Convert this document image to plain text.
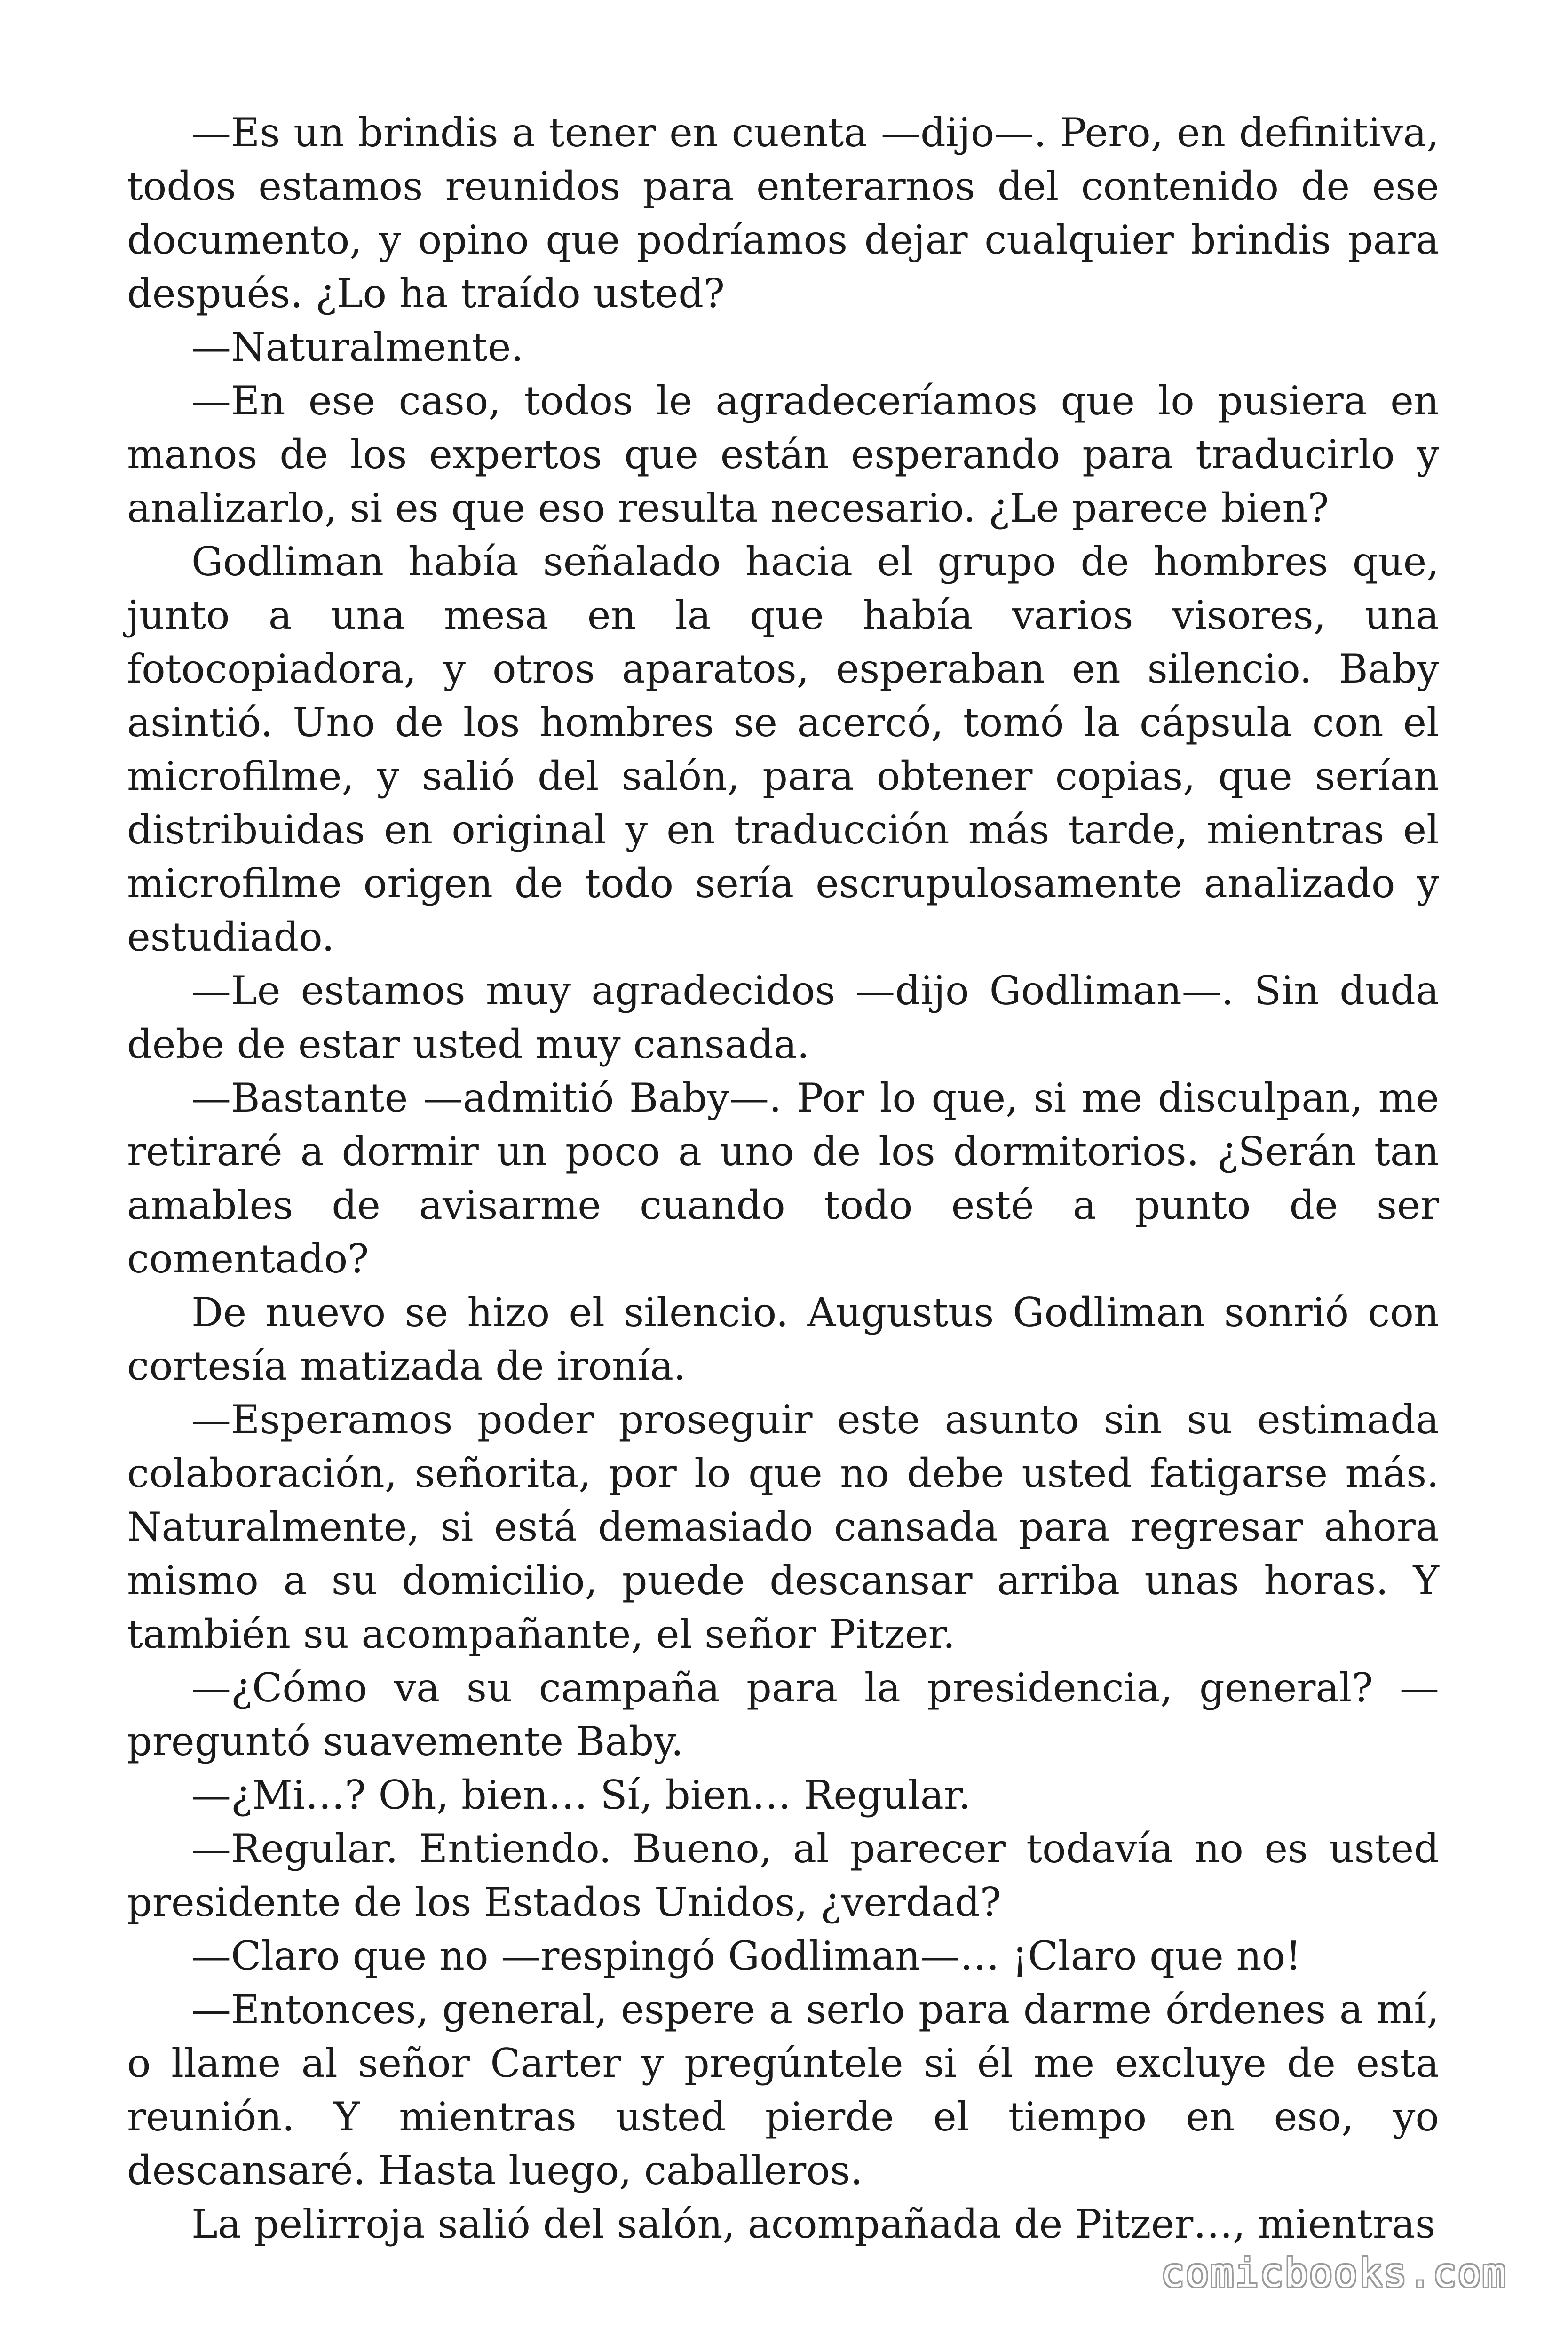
—Es un brindis a tener en cuenta —dijo—. Pero, en definitiva, todos estamos reunidos para enterarnos del contenido de ese documento, y opino que podríamos dejar cualquier brindis para después. ¿Lo ha traído usted?

—Naturalmente.

—En ese caso, todos le agradeceríamos que lo pusiera en manos de los expertos que están esperando para traducirlo y analizarlo, si es que eso resulta necesario. ¿Le parece bien?

Godliman había señalado hacia el grupo de hombres que, junto a una mesa en la que había varios visores, una fotocopiadora, y otros aparatos, esperaban en silencio. Baby asintió. Uno de los hombres se acercó, tomó la cápsula con el microfilme, y salió del salón, para obtener copias, que serían distribuidas en original y en traducción más tarde, mientras el microfilme origen de todo sería escrupulosamente analizado y estudiado.

—Le estamos muy agradecidos —dijo Godliman—. Sin duda debe de estar usted muy cansada.

—Bastante —admitió Baby—. Por lo que, si me disculpan, me retiraré a dormir un poco a uno de los dormitorios. ¿Serán tan amables de avisarme cuando todo esté a punto de ser comentado?

De nuevo se hizo el silencio. Augustus Godliman sonrió con cortesía matizada de ironía.

—Esperamos poder proseguir este asunto sin su estimada colaboración, señorita, por lo que no debe usted fatigarse más. Naturalmente, si está demasiado cansada para regresar ahora mismo a su domicilio, puede descansar arriba unas horas. Y también su acompañante, el señor Pitzer.

—¿Cómo va su campaña para la presidencia, general? —preguntó suavemente Baby.

—¿Mi…? Oh, bien… Sí, bien… Regular.

—Regular. Entiendo. Bueno, al parecer todavía no es usted presidente de los Estados Unidos, ¿verdad?

—Claro que no —respingó Godliman—… ¡Claro que no!

—Entonces, general, espere a serlo para darme órdenes a mí, o llame al señor Carter y pregúntele si él me excluye de esta reunión. Y mientras usted pierde el tiempo en eso, yo descansaré. Hasta luego, caballeros.

La pelirroja salió del salón, acompañada de Pitzer…, mientras

comicbooks.com
